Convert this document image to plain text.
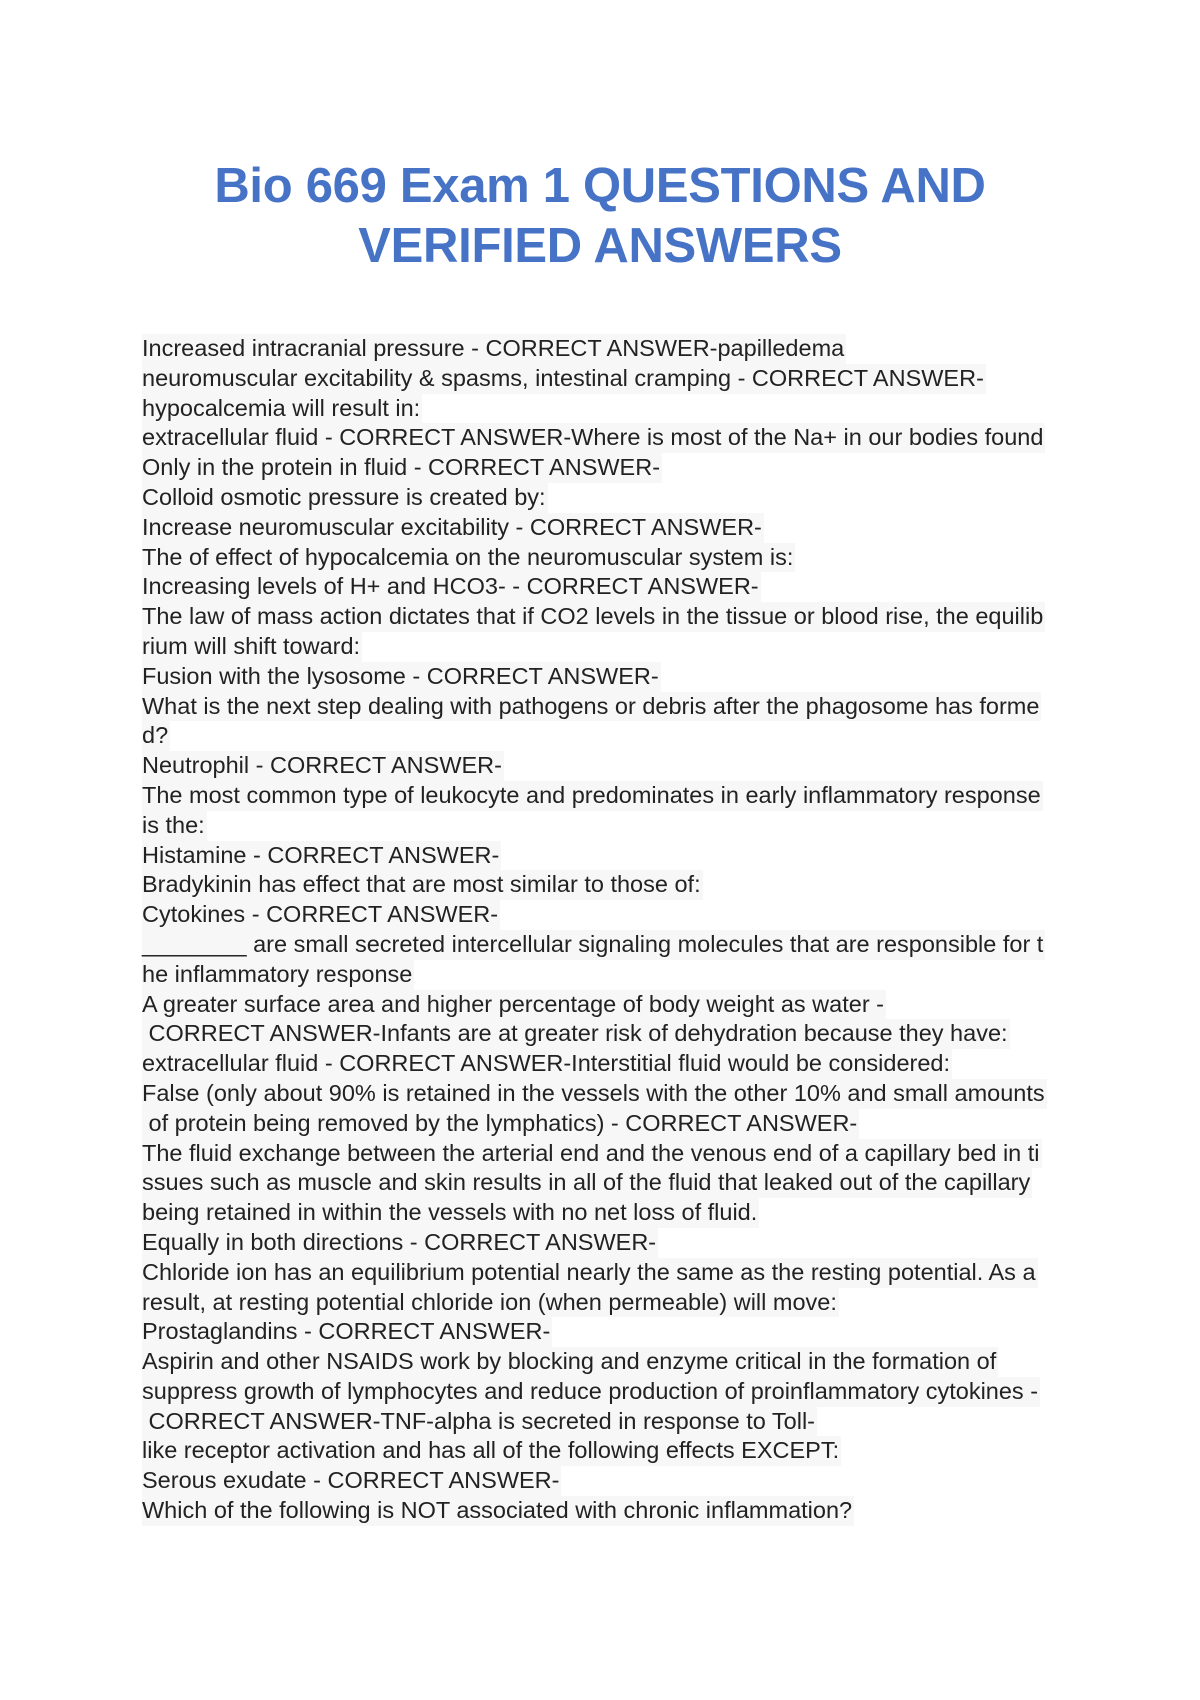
Bio 669 Exam 1 QUESTIONS AND
VERIFIED ANSWERS
Increased intracranial pressure - CORRECT ANSWER-papilledema
neuromuscular excitability & spasms, intestinal cramping - CORRECT ANSWER-
hypocalcemia will result in:
extracellular fluid - CORRECT ANSWER-Where is most of the Na+ in our bodies found
Only in the protein in fluid - CORRECT ANSWER-
Colloid osmotic pressure is created by:
Increase neuromuscular excitability - CORRECT ANSWER-
The of effect of hypocalcemia on the neuromuscular system is:
Increasing levels of H+ and HCO3- - CORRECT ANSWER-
The law of mass action dictates that if CO2 levels in the tissue or blood rise, the equilib
rium will shift toward:
Fusion with the lysosome - CORRECT ANSWER-
What is the next step dealing with pathogens or debris after the phagosome has forme
d?
Neutrophil - CORRECT ANSWER-
The most common type of leukocyte and predominates in early inflammatory response
is the:
Histamine - CORRECT ANSWER-
Bradykinin has effect that are most similar to those of:
Cytokines - CORRECT ANSWER-
________ are small secreted intercellular signaling molecules that are responsible for t
he inflammatory response
A greater surface area and higher percentage of body weight as water -
CORRECT ANSWER-Infants are at greater risk of dehydration because they have:
extracellular fluid - CORRECT ANSWER-Interstitial fluid would be considered:
False (only about 90% is retained in the vessels with the other 10% and small amounts
of protein being removed by the lymphatics) - CORRECT ANSWER-
The fluid exchange between the arterial end and the venous end of a capillary bed in ti
ssues such as muscle and skin results in all of the fluid that leaked out of the capillary
being retained in within the vessels with no net loss of fluid.
Equally in both directions - CORRECT ANSWER-
Chloride ion has an equilibrium potential nearly the same as the resting potential. As a
result, at resting potential chloride ion (when permeable) will move:
Prostaglandins - CORRECT ANSWER-
Aspirin and other NSAIDS work by blocking and enzyme critical in the formation of
suppress growth of lymphocytes and reduce production of proinflammatory cytokines -
CORRECT ANSWER-TNF-alpha is secreted in response to Toll-
like receptor activation and has all of the following effects EXCEPT:
Serous exudate - CORRECT ANSWER-
Which of the following is NOT associated with chronic inflammation?
